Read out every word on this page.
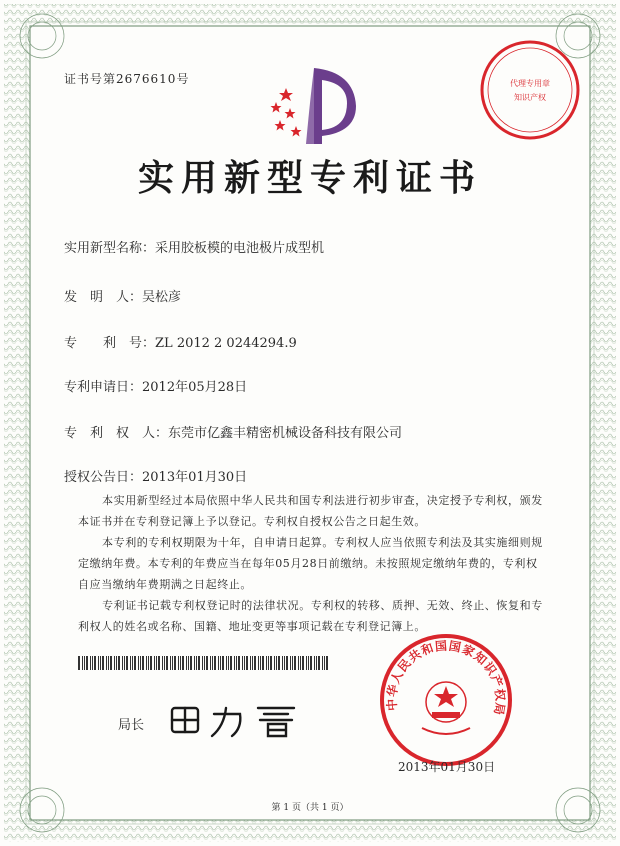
代理专用章
知识产权
证书号第2676610号
实用新型专利证书
实用新型名称：采用胶板模的电池极片成型机
发　明　人：吴松彦
专　　利　号：ZL 2012 2 0244294.9
专利申请日：2012年05月28日
专　利　权　人：东莞市亿鑫丰精密机械设备科技有限公司
授权公告日：2013年01月30日
本实用新型经过本局依照中华人民共和国专利法进行初步审查，决定授予专利权，颁发本证书并在专利登记簿上予以登记。专利权自授权公告之日起生效。
本专利的专利权期限为十年，自申请日起算。专利权人应当依照专利法及其实施细则规定缴纳年费。本专利的年费应当在每年05月28日前缴纳。未按照规定缴纳年费的，专利权自应当缴纳年费期满之日起终止。
专利证书记载专利权登记时的法律状况。专利权的转移、质押、无效、终止、恢复和专利权人的姓名或名称、国籍、地址变更等事项记载在专利登记簿上。
中华人民共和国国家知识产权局
局长
2013年01月30日
第 1 页（共 1 页）
